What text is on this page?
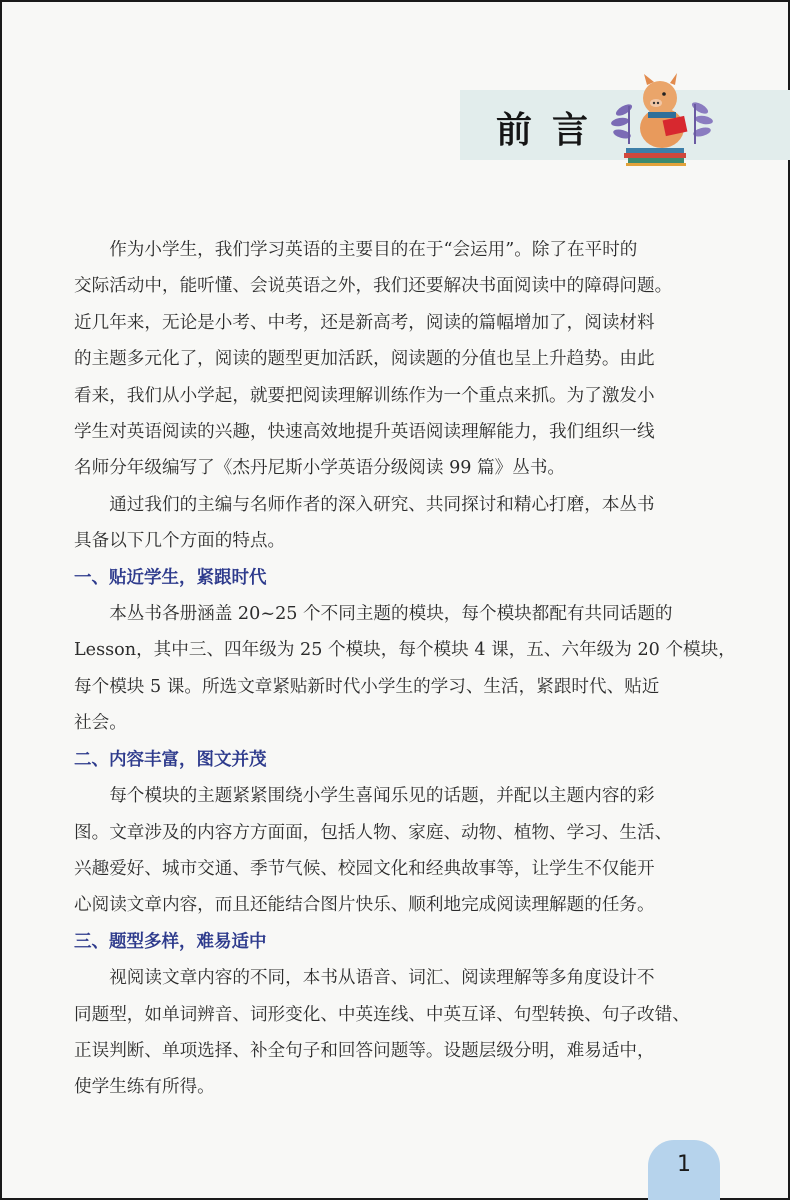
前言
作为小学生，我们学习英语的主要目的在于“会运用”。除了在平时的
交际活动中，能听懂、会说英语之外，我们还要解决书面阅读中的障碍问题。
近几年来，无论是小考、中考，还是新高考，阅读的篇幅增加了，阅读材料
的主题多元化了，阅读的题型更加活跃，阅读题的分值也呈上升趋势。由此
看来，我们从小学起，就要把阅读理解训练作为一个重点来抓。为了激发小
学生对英语阅读的兴趣，快速高效地提升英语阅读理解能力，我们组织一线
名师分年级编写了《杰丹尼斯小学英语分级阅读 99 篇》丛书。
通过我们的主编与名师作者的深入研究、共同探讨和精心打磨，本丛书
具备以下几个方面的特点。
一、贴近学生，紧跟时代
本丛书各册涵盖 20~25 个不同主题的模块，每个模块都配有共同话题的
Lesson，其中三、四年级为 25 个模块，每个模块 4 课，五、六年级为 20 个模块，
每个模块 5 课。所选文章紧贴新时代小学生的学习、生活，紧跟时代、贴近
社会。
二、内容丰富，图文并茂
每个模块的主题紧紧围绕小学生喜闻乐见的话题，并配以主题内容的彩
图。文章涉及的内容方方面面，包括人物、家庭、动物、植物、学习、生活、
兴趣爱好、城市交通、季节气候、校园文化和经典故事等，让学生不仅能开
心阅读文章内容，而且还能结合图片快乐、顺利地完成阅读理解题的任务。
三、题型多样，难易适中
视阅读文章内容的不同，本书从语音、词汇、阅读理解等多角度设计不
同题型，如单词辨音、词形变化、中英连线、中英互译、句型转换、句子改错、
正误判断、单项选择、补全句子和回答问题等。设题层级分明，难易适中，
使学生练有所得。
1
